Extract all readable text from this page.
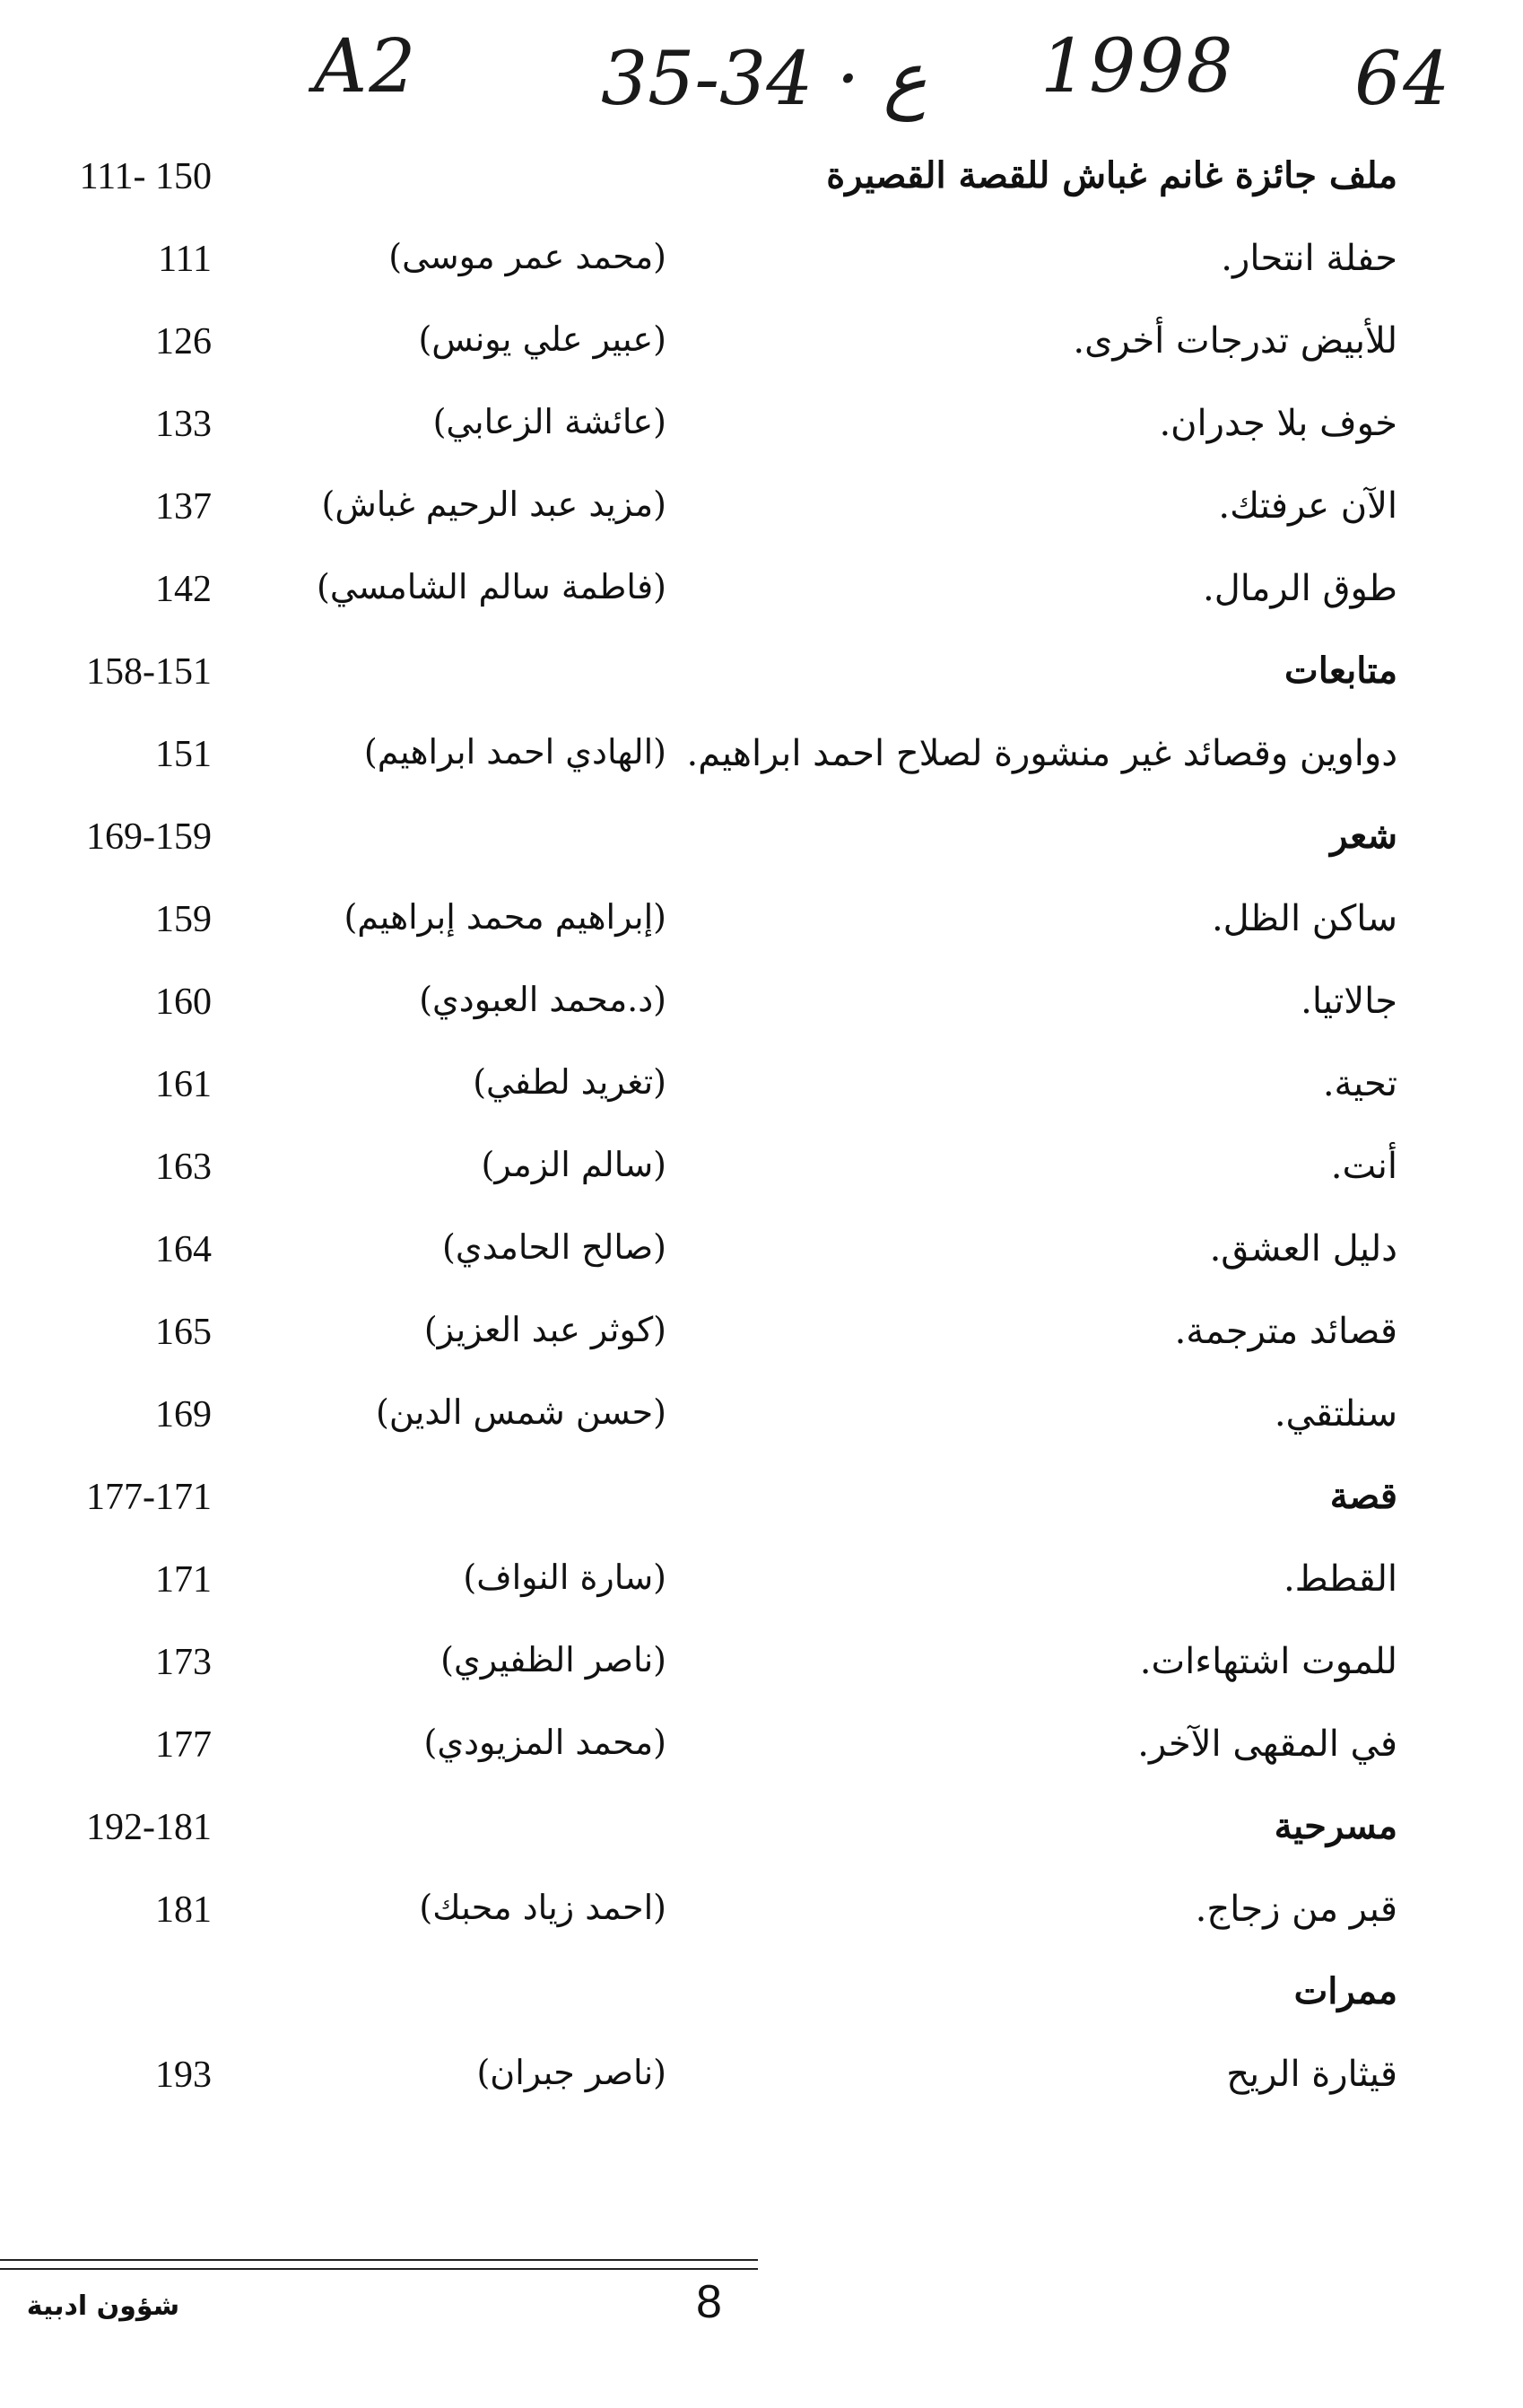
A2 35-34 · ع 1998 64
ملف جائزة غانم غباش للقصة القصيرة
111- 150
حفلة انتحار.
(محمد عمر موسى)
111
للأبيض تدرجات أخرى.
(عبير علي يونس)
126
خوف بلا جدران.
(عائشة الزعابي)
133
الآن عرفتك.
(مزيد عبد الرحيم غباش)
137
طوق الرمال.
(فاطمة سالم الشامسي)
142
متابعات
158-151
دواوين وقصائد غير منشورة لصلاح احمد ابراهيم.
(الهادي احمد ابراهيم)
151
شعر
169-159
ساكن الظل.
(إبراهيم محمد إبراهيم)
159
جالاتيا.
(د.محمد العبودي)
160
تحية.
(تغريد لطفي)
161
أنت.
(سالم الزمر)
163
دليل العشق.
(صالح الحامدي)
164
قصائد مترجمة.
(كوثر عبد العزيز)
165
سنلتقي.
(حسن شمس الدين)
169
قصة
177-171
القطط.
(سارة النواف)
171
للموت اشتهاءات.
(ناصر الظفيري)
173
في المقهى الآخر.
(محمد المزيودي)
177
مسرحية
192-181
قبر من زجاج.
(احمد زياد محبك)
181
ممرات
قيثارة الريح
(ناصر جبران)
193
8
شؤون ادبية
